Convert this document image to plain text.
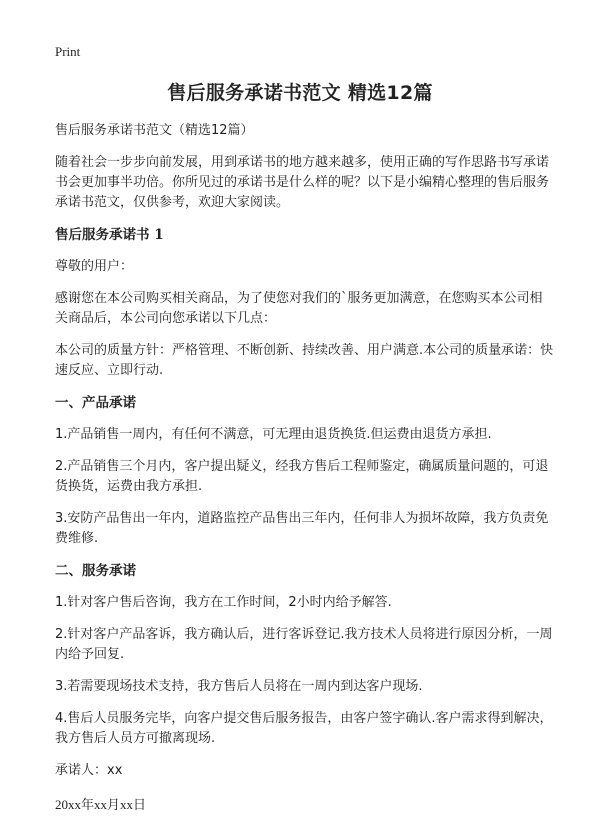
Print
售后服务承诺书范文 精选12篇

售后服务承诺书范文（精选12篇）

随着社会一步步向前发展，用到承诺书的地方越来越多，使用正确的写作思路书写承诺书会更加事半功倍。你所见过的承诺书是什么样的呢？以下是小编精心整理的售后服务承诺书范文，仅供参考，欢迎大家阅读。

售后服务承诺书 1

尊敬的用户：

感谢您在本公司购买相关商品，为了使您对我们的`服务更加满意，在您购买本公司相关商品后，本公司向您承诺以下几点：

本公司的质量方针：严格管理、不断创新、持续改善、用户满意.本公司的质量承诺：快速反应、立即行动.

一、产品承诺

1.产品销售一周内，有任何不满意，可无理由退货换货.但运费由退货方承担.

2.产品销售三个月内，客户提出疑义，经我方售后工程师鉴定，确属质量问题的，可退货换货，运费由我方承担.

3.安防产品售出一年内，道路监控产品售出三年内，任何非人为损坏故障，我方负责免费维修.

二、服务承诺

1.针对客户售后咨询，我方在工作时间，2小时内给予解答.

2.针对客户产品客诉，我方确认后，进行客诉登记.我方技术人员将进行原因分析，一周内给予回复.

3.若需要现场技术支持，我方售后人员将在一周内到达客户现场.

4.售后人员服务完毕，向客户提交售后服务报告，由客户签字确认.客户需求得到解决，我方售后人员方可撤离现场.

承诺人：xx

20xx年xx月xx日
